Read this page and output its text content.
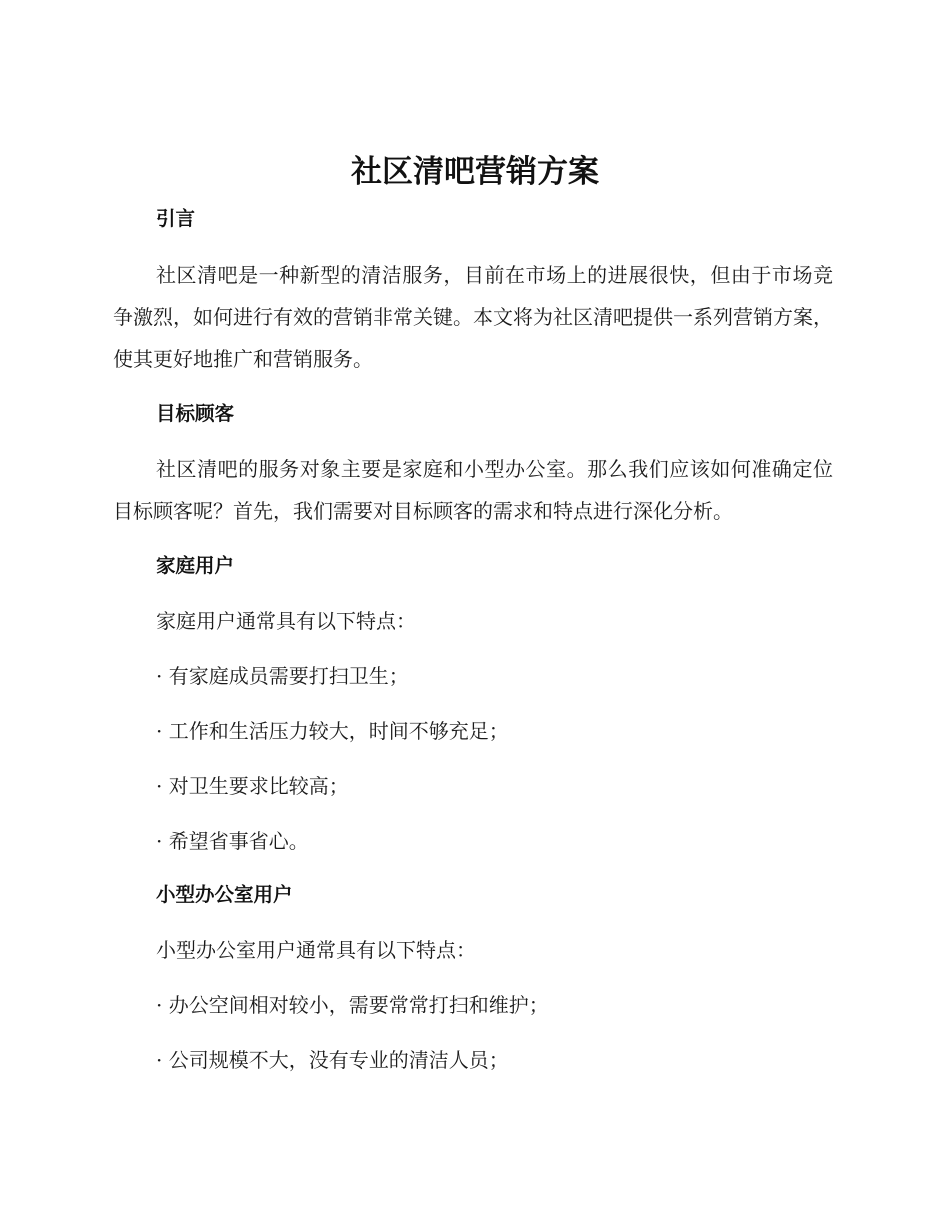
社区清吧营销方案
引言
社区清吧是一种新型的清洁服务，目前在市场上的进展很快，但由于市场竞争激烈，如何进行有效的营销非常关键。本文将为社区清吧提供一系列营销方案，使其更好地推广和营销服务。
目标顾客
社区清吧的服务对象主要是家庭和小型办公室。那么我们应该如何准确定位目标顾客呢？首先，我们需要对目标顾客的需求和特点进行深化分析。
家庭用户
家庭用户通常具有以下特点：
· 有家庭成员需要打扫卫生；
· 工作和生活压力较大，时间不够充足；
· 对卫生要求比较高；
· 希望省事省心。
小型办公室用户
小型办公室用户通常具有以下特点：
· 办公空间相对较小，需要常常打扫和维护；
· 公司规模不大，没有专业的清洁人员；
